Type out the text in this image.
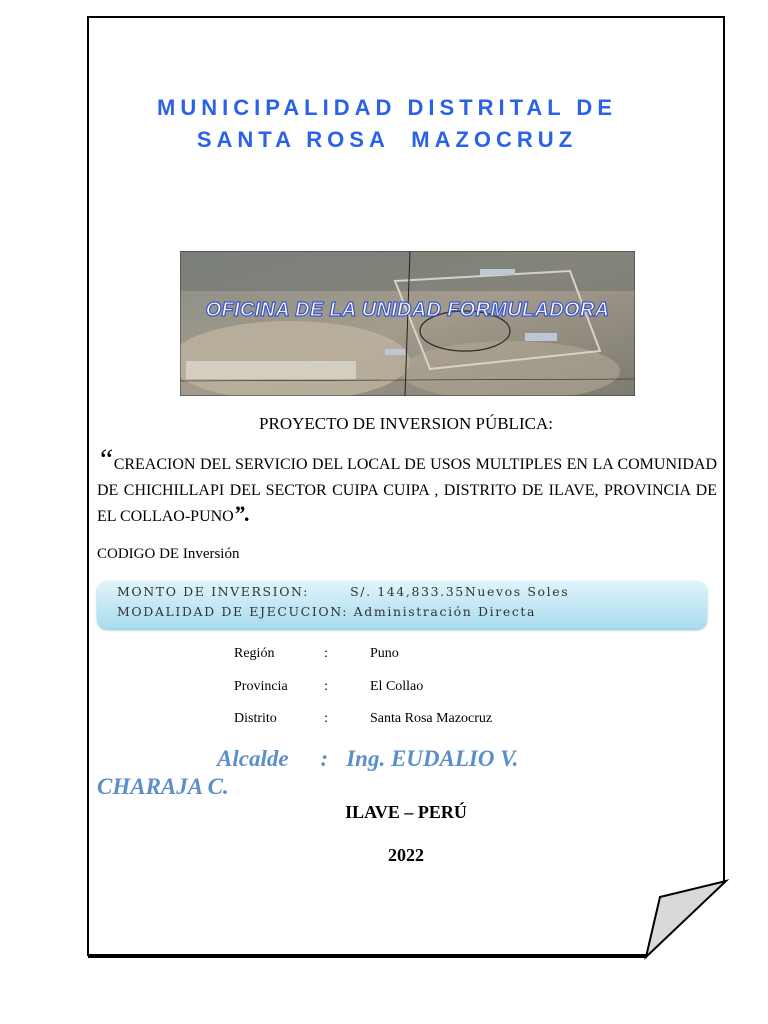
MUNICIPALIDAD DISTRITAL DE
SANTA ROSA  MAZOCRUZ
OFICINA DE LA UNIDAD FORMULADORA
PROYECTO DE INVERSION PÚBLICA:
“CREACION DEL SERVICIO DEL LOCAL DE USOS MULTIPLES EN LA COMUNIDAD DE CHICHILLAPI DEL SECTOR CUIPA CUIPA , DISTRITO DE ILAVE, PROVINCIA DE EL COLLAO-PUNO”.
CODIGO DE Inversión
MONTO DE INVERSION:	S/. 144,833.35Nuevos Soles
MODALIDAD DE EJECUCION: Administración Directa
Región	:	Puno
Provincia	:	El Collao
Distrito	:	Santa Rosa Mazocruz
Alcalde : Ing. EUDALIO V.
CHARAJA C.
ILAVE – PERÚ
2022
